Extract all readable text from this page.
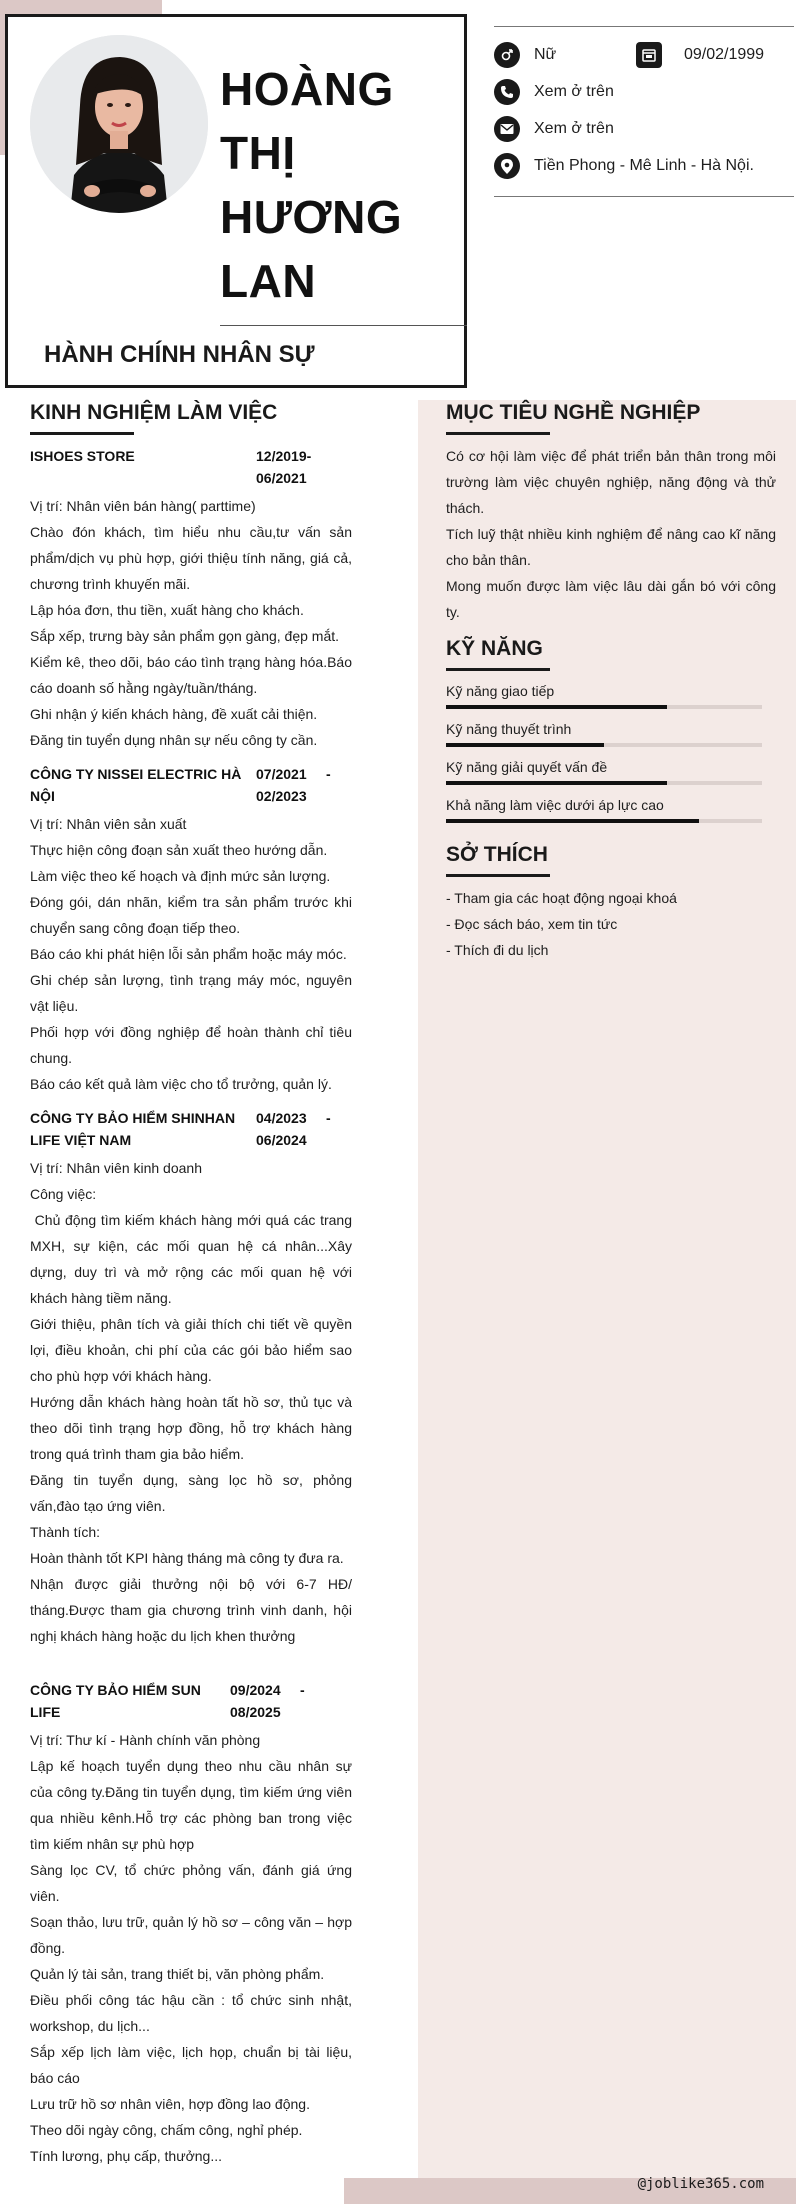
HOÀNG
THỊ
HƯƠNG
LAN
HÀNH CHÍNH NHÂN SỰ
Nữ	09/02/1999
Xem ở trên
Xem ở trên
Tiền Phong - Mê Linh - Hà Nội.
KINH NGHIỆM LÀM VIỆC
ISHOES STORE	12/2019-
06/2021

Vị trí: Nhân viên bán hàng( parttime)

Chào đón khách, tìm hiểu nhu cầu,tư vấn sản phẩm/dịch vụ phù hợp, giới thiệu tính năng, giá cả, chương trình khuyến mãi.

Lập hóa đơn, thu tiền, xuất hàng cho khách.

Sắp xếp, trưng bày sản phẩm gọn gàng, đẹp mắt.

Kiểm kê, theo dõi, báo cáo tình trạng hàng hóa.Báo cáo doanh số hằng ngày/tuần/tháng.

Ghi nhận ý kiến khách hàng, đề xuất cải thiện.

Đăng tin tuyển dụng nhân sự nếu công ty cần.

CÔNG TY NISSEI ELECTRIC HÀ NỘI
07/2021     -
02/2023

Vị trí: Nhân viên sản xuất

Thực hiện công đoạn sản xuất theo hướng dẫn.

Làm việc theo kế hoạch và định mức sản lượng.

Đóng gói, dán nhãn, kiểm tra sản phẩm trước khi chuyển sang công đoạn tiếp theo.

Báo cáo khi phát hiện lỗi sản phẩm hoặc máy móc.

Ghi chép sản lượng, tình trạng máy móc, nguyên vật liệu.

Phối hợp với đồng nghiệp để hoàn thành chỉ tiêu chung.

Báo cáo kết quả làm việc cho tổ trưởng, quản lý.

CÔNG TY BẢO HIỂM SHINHAN LIFE VIỆT NAM
04/2023     -
06/2024

Vị trí: Nhân viên kinh doanh

Công việc:

Chủ động tìm kiếm khách hàng mới quá các trang MXH, sự kiện, các mối quan hệ cá nhân...Xây dựng, duy trì và mở rộng các mối quan hệ với khách hàng tiềm năng.

Giới thiệu, phân tích và giải thích chi tiết về quyền lợi, điều khoản, chi phí của các gói bảo hiểm sao cho phù hợp với khách hàng.

Hướng dẫn khách hàng hoàn tất hồ sơ, thủ tục và theo dõi tình trạng hợp đồng, hỗ trợ khách hàng trong quá trình tham gia bảo hiểm.

Đăng tin tuyển dụng, sàng lọc hồ sơ, phỏng vấn,đào tạo ứng viên.

Thành tích:

Hoàn thành tốt KPI hàng tháng mà công ty đưa ra.

Nhận được giải thưởng nội bộ với 6-7 HĐ/ tháng.Được tham gia chương trình vinh danh, hội nghị khách hàng hoặc du lịch khen thưởng

CÔNG TY BẢO HIỂM SUN LIFE
09/2024     -
08/2025

Vị trí: Thư kí - Hành chính văn phòng

Lập kế hoạch tuyển dụng theo nhu cầu nhân sự của công ty.Đăng tin tuyển dụng, tìm kiếm ứng viên qua nhiều kênh.Hỗ trợ các phòng ban trong việc tìm kiếm nhân sự phù hợp

Sàng lọc CV, tổ chức phỏng vấn, đánh giá ứng viên.

Soạn thảo, lưu trữ, quản lý hồ sơ – công văn – hợp đồng.

Quản lý tài sản, trang thiết bị, văn phòng phẩm.

Điều phối công tác hậu cần : tổ chức sinh nhật, workshop, du lịch...

Sắp xếp lịch làm việc, lịch họp, chuẩn bị tài liệu, báo cáo

Lưu trữ hồ sơ nhân viên, hợp đồng lao động.

Theo dõi ngày công, chấm công, nghỉ phép.

Tính lương, phụ cấp, thưởng...

MỤC TIÊU NGHỀ NGHIỆP

Có cơ hội làm việc để phát triển bản thân trong môi trường làm việc chuyên nghiệp, năng động và thử thách.

Tích luỹ thật nhiều kinh nghiệm để nâng cao kĩ năng cho bản thân.

Mong muốn được làm việc lâu dài gắn bó với công ty.

KỸ NĂNG
Kỹ năng giao tiếp
Kỹ năng thuyết trình
Kỹ năng giải quyết vấn đề
Khả năng làm việc dưới áp lực cao
SỞ THÍCH

- Tham gia các hoạt động ngoại khoá

- Đọc sách báo, xem tin tức

- Thích đi du lịch

@joblike365.com
